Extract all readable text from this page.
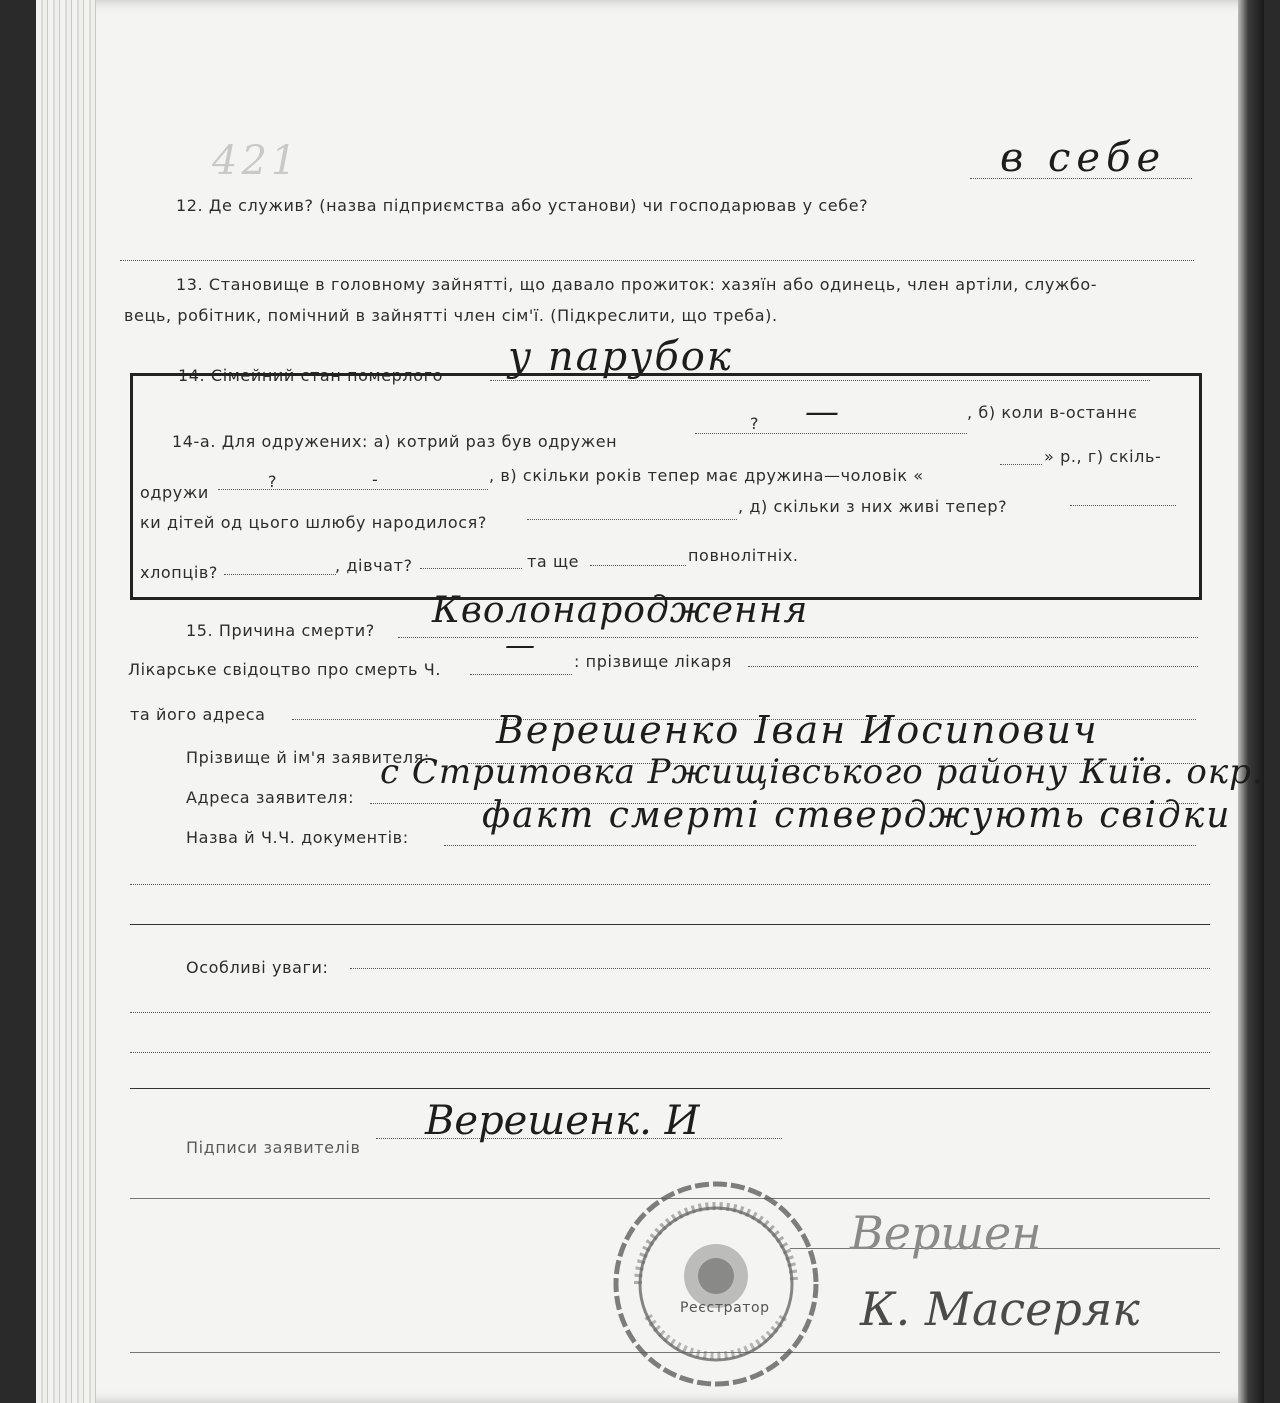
421
12. Де служив? (назва підприємства або установи) чи господарював у себе?
в себе
13. Становище в головному зайнятті, що давало прожиток: хазяїн або одинець, член артіли, службо-
вець, робітник, помічний в зайнятті член сім'ї. (Підкреслити, що треба).
14. Сімейний стан померлого у парубок
14-а. Для одружених: а) котрий раз був одружен
? —	, б) коли в-останнє
одружи
?	-	, в) скільки років тепер має дружина—чоловік «
» р., г) скіль-
ки дітей од цього шлюбу народилося?
, д) скільки з них живі тепер?
хлопців?	, дівчат?	та ще	повнолітніх.
15. Причина смерти? Кволонародження
Лікарське свідоцтво про смерть Ч.
— : прізвище лікаря
та його адреса
Прізвище й ім'я заявителя:
Верешенко Іван Иосипович
Адреса заявителя:
с Стритовка Ржищівського району Київ. окр.
Назва й Ч.Ч. документів:
факт смерті стверджують свідки
Особливі уваги:
Підписи заявителів
Верешенк. И
Реєстратор
Вершен
К. Масеряк
